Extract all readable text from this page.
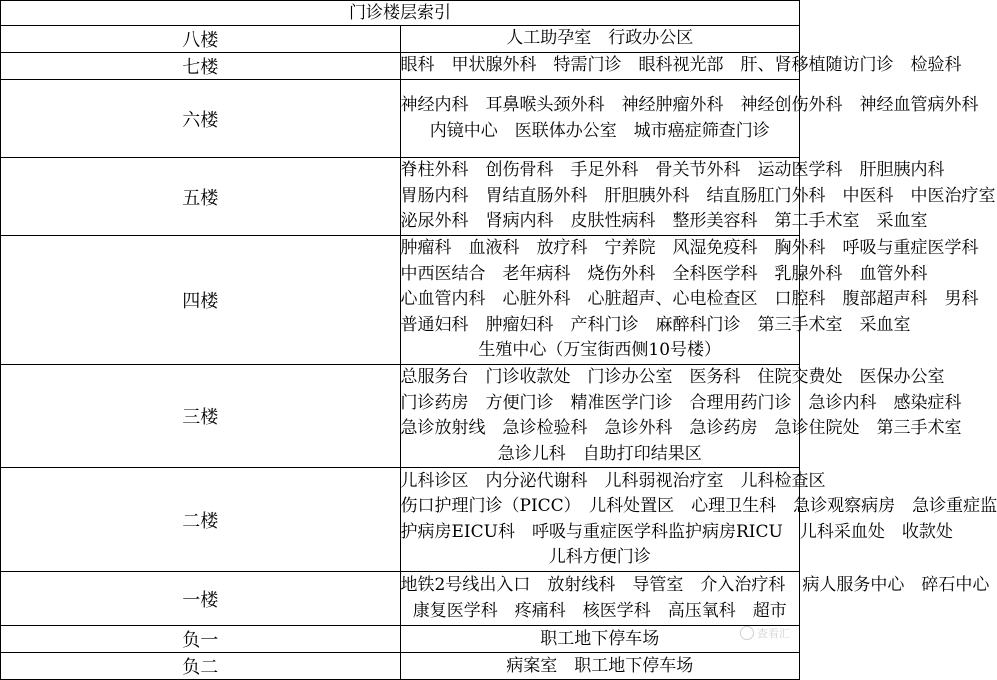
门诊楼层索引	
八楼	人工助孕室　 行政办公区

七楼	眼科　 甲状腺外科　 特需门诊　 眼科视光部　 肝、肾移植随访门诊　 检验科

六楼	神经内科　 耳鼻喉头颈外科　 神经肿瘤外科　 神经创伤外科　 神经血管病外科
内镜中心　 医联体办公室　 城市癌症筛查门诊

五楼	脊柱外科　 创伤骨科　 手足外科　 骨关节外科　 运动医学科　 肝胆胰内科
胃肠内科　 胃结直肠外科　 肝胆胰外科　 结直肠肛门外科　 中医科　 中医治疗室
泌尿外科　 肾病内科　 皮肤性病科　 整形美容科　 第二手术室　 采血室

四楼	肿瘤科　 血液科　 放疗科　 宁养院　 风湿免疫科　 胸外科　 呼吸与重症医学科
中西医结合　 老年病科　 烧伤外科　 全科医学科　 乳腺外科　 血管外科
心血管内科　 心脏外科　 心脏超声、心电检查区　 口腔科　 腹部超声科　 男科
普通妇科　 肿瘤妇科　 产科门诊　 麻醉科门诊　 第三手术室　 采血室
生殖中心（万宝街西侧10号楼）

三楼	总服务台　 门诊收款处　 门诊办公室　 医务科　 住院交费处　 医保办公室
门诊药房　 方便门诊　 精准医学门诊　 合理用药门诊　 急诊内科　 感染症科
急诊放射线　 急诊检验科　 急诊外科　 急诊药房　 急诊住院处　 第三手术室
急诊儿科　 自助打印结果区

二楼	儿科诊区　 内分泌代谢科　 儿科弱视治疗室　 儿科检查区
伤口护理门诊（PICC）　 儿科处置区　 心理卫生科　 急诊观察病房　 急诊重症监
护病房EICU科　 呼吸与重症医学科监护病房RICU　 儿科采血处　 收款处
儿科方便门诊

一楼	地铁2号线出入口　 放射线科　 导管室　 介入治疗科　 病人服务中心　 碎石中心
康复医学科　 疼痛科　 核医学科　 高压氧科　 超市

负一	职工地下停车场

负二	病案室　 职工地下停车场
查看汇
